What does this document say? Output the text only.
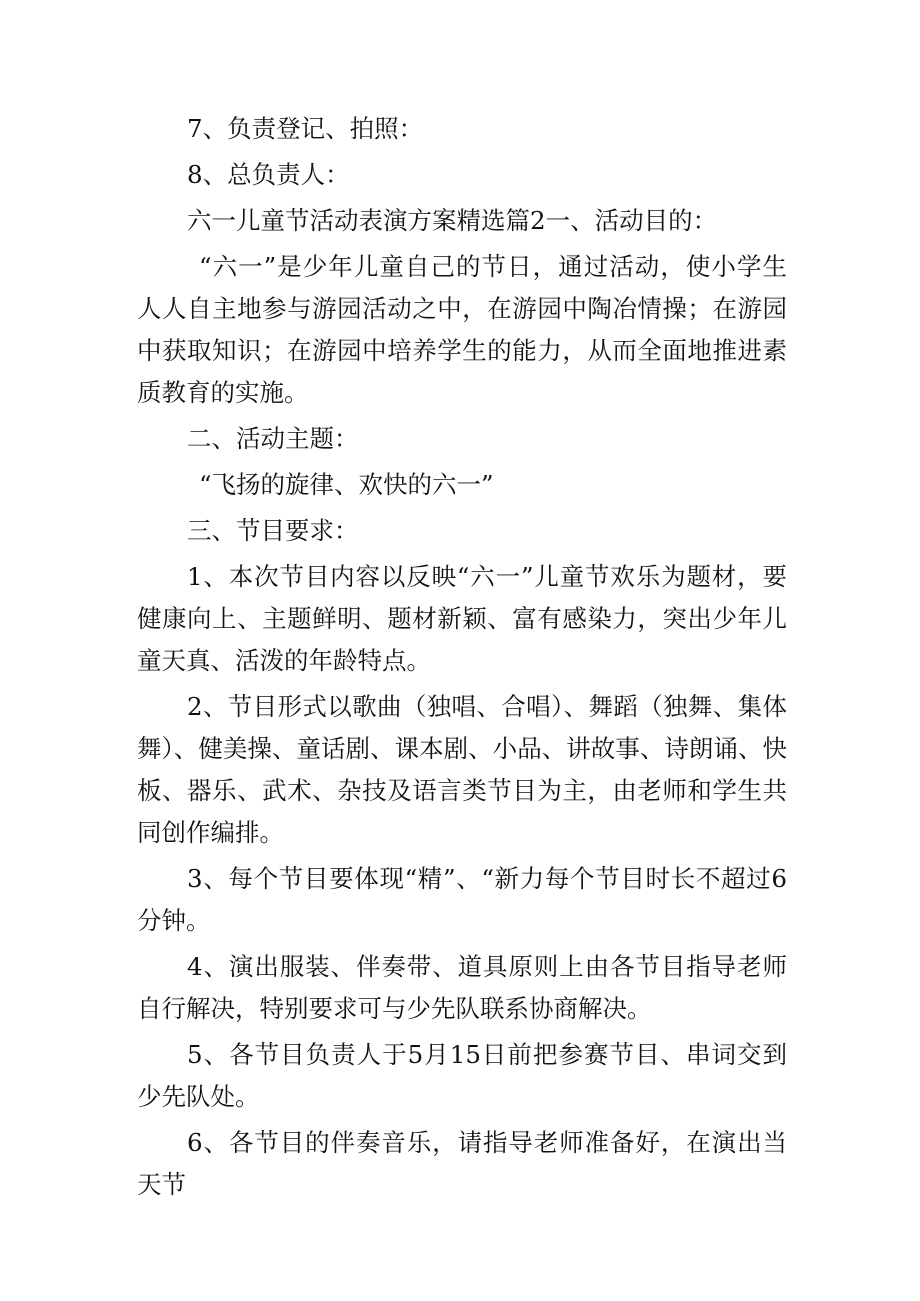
7、负责登记、拍照：

8、总负责人：

六一儿童节活动表演方案精选篇2一、活动目的：

“六一”是少年儿童自己的节日，通过活动，使小学生人人自主地参与游园活动之中，在游园中陶冶情操；在游园中获取知识；在游园中培养学生的能力，从而全面地推进素质教育的实施。

二、活动主题：

“飞扬的旋律、欢快的六一”

三、节目要求：

1、本次节目内容以反映“六一”儿童节欢乐为题材，要健康向上、主题鲜明、题材新颖、富有感染力，突出少年儿童天真、活泼的年龄特点。

2、节目形式以歌曲（独唱、合唱）、舞蹈（独舞、集体舞）、健美操、童话剧、课本剧、小品、讲故事、诗朗诵、快板、器乐、武术、杂技及语言类节目为主，由老师和学生共同创作编排。

3、每个节目要体现“精”、“新力每个节目时长不超过6分钟。

4、演出服装、伴奏带、道具原则上由各节目指导老师自行解决，特别要求可与少先队联系协商解决。

5、各节目负责人于5月15日前把参赛节目、串词交到少先队处。

6、各节目的伴奏音乐，请指导老师准备好，在演出当天节
